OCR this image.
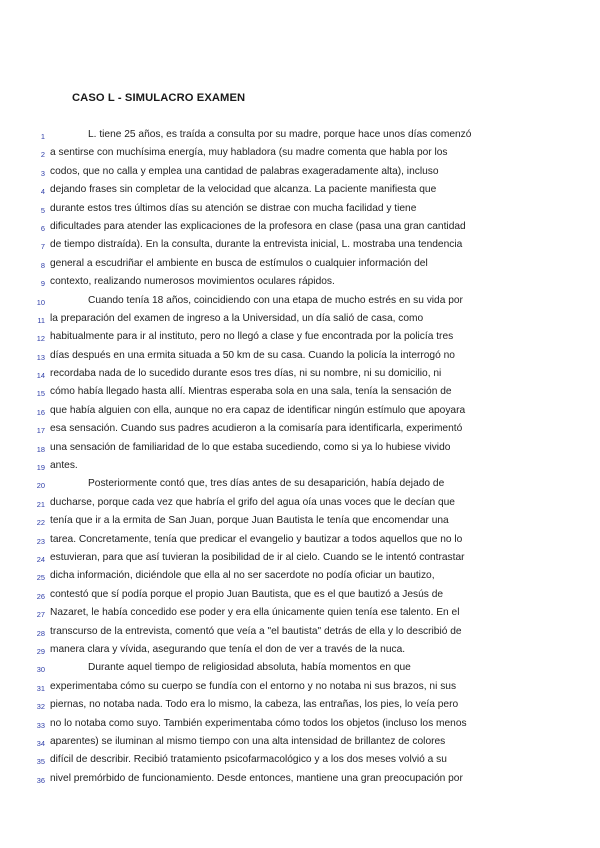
CASO L - SIMULACRO EXAMEN
1	L. tiene 25 años, es traída a consulta por su madre, porque hace unos días comenzó
2 a sentirse con muchísima energía, muy habladora (su madre comenta que habla por los
3 codos, que no calla y emplea una cantidad de palabras exageradamente alta), incluso
4 dejando frases sin completar de la velocidad que alcanza. La paciente manifiesta que
5 durante estos tres últimos días su atención se distrae con mucha facilidad y tiene
6 dificultades para atender las explicaciones de la profesora en clase (pasa una gran cantidad
7 de tiempo distraída). En la consulta, durante la entrevista inicial, L. mostraba una tendencia
8 general a escudriñar el ambiente en busca de estímulos o cualquier información del
9 contexto, realizando numerosos movimientos oculares rápidos.
10	Cuando tenía 18 años, coincidiendo con una etapa de mucho estrés en su vida por
11 la preparación del examen de ingreso a la Universidad, un día salió de casa, como
12 habitualmente para ir al instituto, pero no llegó a clase y fue encontrada por la policía tres
13 días después en una ermita situada a 50 km de su casa. Cuando la policía la interrogó no
14 recordaba nada de lo sucedido durante esos tres días, ni su nombre, ni su domicilio, ni
15 cómo había llegado hasta allí. Mientras esperaba sola en una sala, tenía la sensación de
16 que había alguien con ella, aunque no era capaz de identificar ningún estímulo que apoyara
17 esa sensación. Cuando sus padres acudieron a la comisaría para identificarla, experimentó
18 una sensación de familiaridad de lo que estaba sucediendo, como si ya lo hubiese vivido
19 antes.
20	Posteriormente contó que, tres días antes de su desaparición, había dejado de
21 ducharse, porque cada vez que habría el grifo del agua oía unas voces que le decían que
22 tenía que ir a la ermita de San Juan, porque Juan Bautista le tenía que encomendar una
23 tarea. Concretamente, tenía que predicar el evangelio y bautizar a todos aquellos que no lo
24 estuvieran, para que así tuvieran la posibilidad de ir al cielo. Cuando se le intentó contrastar
25 dicha información, diciéndole que ella al no ser sacerdote no podía oficiar un bautizo,
26 contestó que sí podía porque el propio Juan Bautista, que es el que bautizó a Jesús de
27 Nazaret, le había concedido ese poder y era ella únicamente quien tenía ese talento. En el
28 transcurso de la entrevista, comentó que veía a "el bautista" detrás de ella y lo describió de
29 manera clara y vívida, asegurando que tenía el don de ver a través de la nuca.
30	Durante aquel tiempo de religiosidad absoluta, había momentos en que
31 experimentaba cómo su cuerpo se fundía con el entorno y no notaba ni sus brazos, ni sus
32 piernas, no notaba nada. Todo era lo mismo, la cabeza, las entrañas, los pies, lo veía pero
33 no lo notaba como suyo. También experimentaba cómo todos los objetos (incluso los menos
34 aparentes) se iluminan al mismo tiempo con una alta intensidad de brillantez de colores
35 difícil de describir. Recibió tratamiento psicofarmacológico y a los dos meses volvió a su
36 nivel premórbido de funcionamiento. Desde entonces, mantiene una gran preocupación por
